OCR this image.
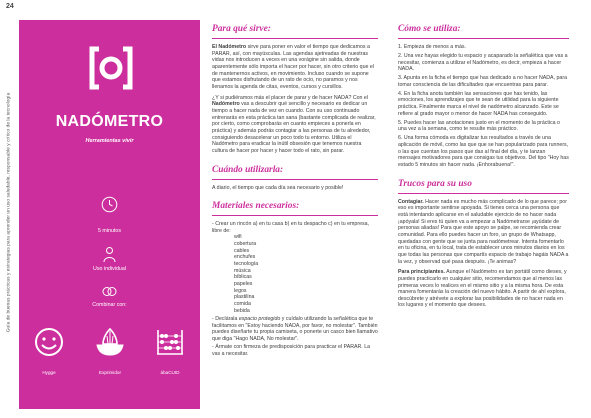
24
Guía de buenas prácticas y estrategias para aprender un uso saludable, responsable y crítico de la tecnología	NADÓMETRO
Herramientas vivir
5 minutos
Uso individual
Combinar con:
Hygge	Exprimidor	ábaCUID
Para qué sirve:

El Nadómetro sirve para poner en valor el tiempo que dedicamos a PARAR, así, con mayúsculas. Las agendas ajetreadas de nuestras vidas nos introducen a veces en una vorágine sin salida, donde aparentemente sólo importa el hacer por hacer, sin otro criterio que el de mantenernos activos, en movimiento. Incluso cuando se supone que estamos disfrutando de un rato de ocio, no paramos y nos llenamos la agenda de citas, eventos, cursos y cursillos.

¿Y si pudiéramos más el placer de parar y de hacer NADA? Con el Nadómetro vas a descubrir qué sencillo y necesario es dedicar un tiempo a hacer nada de vez en cuando. Con su uso continuado entrenarás en esta práctica tan sana (bastante complicada de realizar, por cierto, como comprobarás en cuanto empieces a ponerla en práctica) y además podrás contagiar a las personas de tu alrededor, consiguiendo desacelerar un poco todo tu entorno. Utiliza el Nadómetro para eradicar la inútil obsesión que tenemos nuestra cultura de hacer por hacer y hacer todo el rato, sin parar.

Cuándo utilizarla:

A diario, el tiempo que cada día sea necesario y posible!

Materiales necesarios:
- Crear un rincón a) en tu casa b) en tu despacho c) en tu empresa, libre de:
wifi
cobertura
cables
enchufes
tecnología
música
bíblicas
papeles
legos
plastilina
comida
bebida
- Declárala espacio protegido y cuídalo utilizando la señalética que te facilitamos en "Estoy haciendo NADA, por favor, no molestar". También puedes diseñarte tu propia camiseta, o ponerte un casco bien llamativo que diga "Hago NADA, No molestar".
- Ármate con firmeza de predisposición para practicar el PARAR. La vas a necesitar.
Cómo se utiliza:
1. Empieza de menos a más.
2. Una vez hayas elegido tu espacio y acaparado la señalética que vas a necesitar, comienza a utilizar el Nadómetro, es decir, empieza a hacer NADA.
3. Apunta en la ficha el tiempo que has dedicado a no hacer NADA, para tomar consciencia de las dificultades que encuentras para parar.
4. En la ficha anota también las sensaciones que has tenido, las emociones, los aprendizajes que te sean de utilidad para la siguiente práctica. Finalmente marca el nivel de nadómetro alcanzado. Este se refiere al grado mayor o menor de hacer NADA has conseguido.
5. Puedes hacer las anotaciones justo en el momento de la práctica o una vez a la semana, como te resulte más práctico.
6. Una forma cómoda es digitalizar tus resultados a través de una aplicación de móvil, como las que que se han popularizado para runners, o las que cuentan los pasos que das al final del día, y te lanzan mensajes motivadores para que consigas tus objetivos. Del tipo "Hoy has estado 5 minutos sin hacer nada. ¡Enhorabuena!".
Trucos para su uso

Contagiar. Hacer nada es mucho más complicado de lo que parece; por eso es importante sentirse apoyada. Si tienes cerca una persona que está intentando aplicarse en el saludable ejercicio de no hacer nada ¡apóyala! Si eres tú quien va a empezar a Nadómetrarse ¡ayúdate de personas aliadas! Para que este apoyo se palpe, se recomienda crear comunidad. Para ello puedes hacer un foro, un grupo de Whatsapp, quedadas con gente que se junta para nadómetrear. Intenta fomentarlo en tu oficina, en tu local, trata de establecer unos minutos diarios en los que todas las personas que compartís espacio de trabajo hagáis NADA a la vez, y observad qué pasa después. ¡Te animas?

Para principiantes. Aunque el Nadómetro es tan portátil como dieses, y puedes practicarlo en cualquier sitio, recomendamos que al menos las primeras veces lo realices en el mismo sitio y a la misma hora. De esta manera fomentarás la creación del nuevo hábito. A partir de ahí explora, descúbrete y atrévete a explorar las posibilidades de no hacer nada en los lugares y el momento que desees.
